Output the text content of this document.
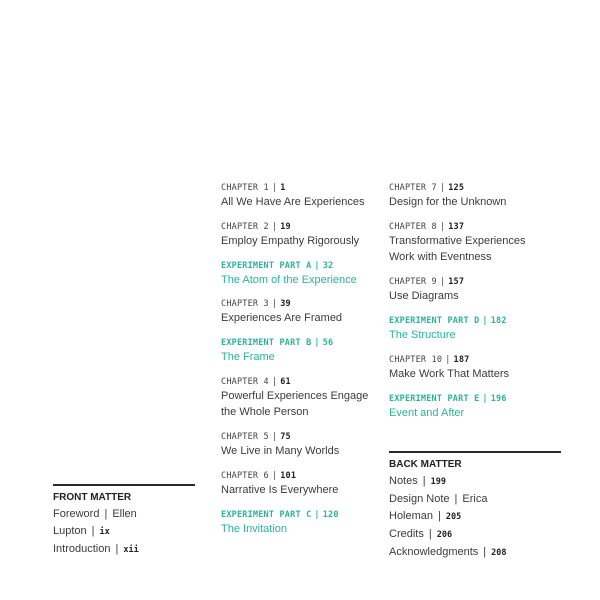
FRONT MATTER
Foreword | Ellen Lupton | ix
Introduction | xii
CHAPTER 1 | 1
All We Have Are Experiences
CHAPTER 2 | 19
Employ Empathy Rigorously
EXPERIMENT PART A | 32
The Atom of the Experience
CHAPTER 3 | 39
Experiences Are Framed
EXPERIMENT PART B | 56
The Frame
CHAPTER 4 | 61
Powerful Experiences Engage the Whole Person
CHAPTER 5 | 75
We Live in Many Worlds
CHAPTER 6 | 101
Narrative Is Everywhere
EXPERIMENT PART C | 120
The Invitation
CHAPTER 7 | 125
Design for the Unknown
CHAPTER 8 | 137
Transformative Experiences Work with Eventness
CHAPTER 9 | 157
Use Diagrams
EXPERIMENT PART D | 182
The Structure
CHAPTER 10 | 187
Make Work That Matters
EXPERIMENT PART E | 196
Event and After
BACK MATTER
Notes | 199
Design Note | Erica Holeman | 205
Credits | 206
Acknowledgments | 208
